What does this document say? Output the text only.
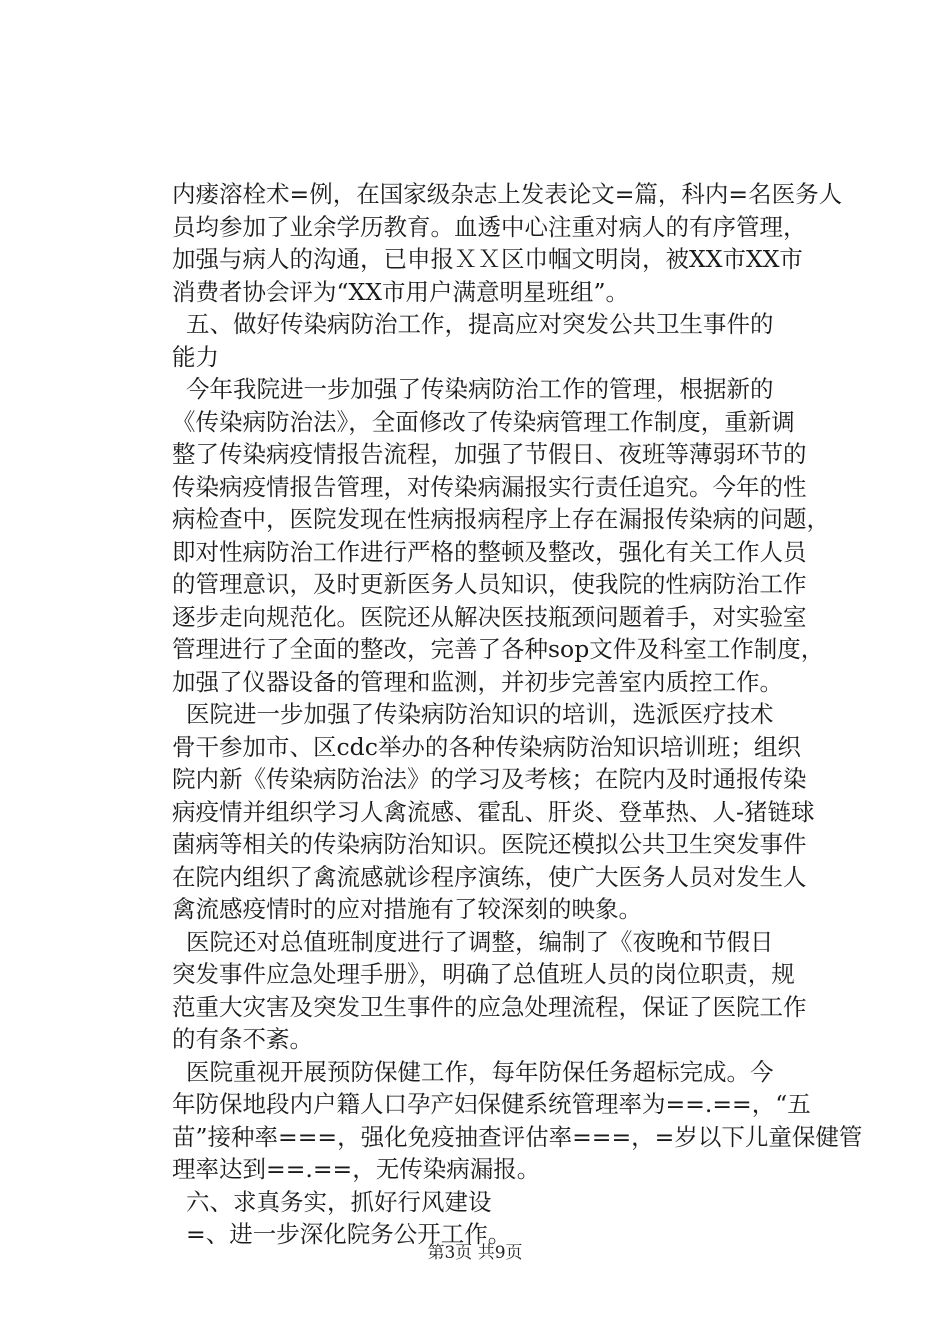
内瘘溶栓术=例，在国家级杂志上发表论文=篇，科内=名医务人
员均参加了业余学历教育。血透中心注重对病人的有序管理，
加强与病人的沟通，已申报ＸＸ区巾帼文明岗，被XX市XX市
消费者协会评为“XX市用户满意明星班组”。
五、做好传染病防治工作，提高应对突发公共卫生事件的
能力
今年我院进一步加强了传染病防治工作的管理，根据新的
《传染病防治法》，全面修改了传染病管理工作制度，重新调
整了传染病疫情报告流程，加强了节假日、夜班等薄弱环节的
传染病疫情报告管理，对传染病漏报实行责任追究。今年的性
病检查中，医院发现在性病报病程序上存在漏报传染病的问题，
即对性病防治工作进行严格的整顿及整改，强化有关工作人员
的管理意识，及时更新医务人员知识，使我院的性病防治工作
逐步走向规范化。医院还从解决医技瓶颈问题着手，对实验室
管理进行了全面的整改，完善了各种sop文件及科室工作制度，
加强了仪器设备的管理和监测，并初步完善室内质控工作。
医院进一步加强了传染病防治知识的培训，选派医疗技术
骨干参加市、区cdc举办的各种传染病防治知识培训班；组织
院内新《传染病防治法》的学习及考核；在院内及时通报传染
病疫情并组织学习人禽流感、霍乱、肝炎、登革热、人-猪链球
菌病等相关的传染病防治知识。医院还模拟公共卫生突发事件
在院内组织了禽流感就诊程序演练，使广大医务人员对发生人
禽流感疫情时的应对措施有了较深刻的映象。
医院还对总值班制度进行了调整，编制了《夜晚和节假日
突发事件应急处理手册》，明确了总值班人员的岗位职责，规
范重大灾害及突发卫生事件的应急处理流程，保证了医院工作
的有条不紊。
医院重视开展预防保健工作，每年防保任务超标完成。今
年防保地段内户籍人口孕产妇保健系统管理率为==.==，“五
苗”接种率===，强化免疫抽查评估率===，=岁以下儿童保健管
理率达到==.==，无传染病漏报。
六、求真务实，抓好行风建设
=、进一步深化院务公开工作。
第3页 共9页
